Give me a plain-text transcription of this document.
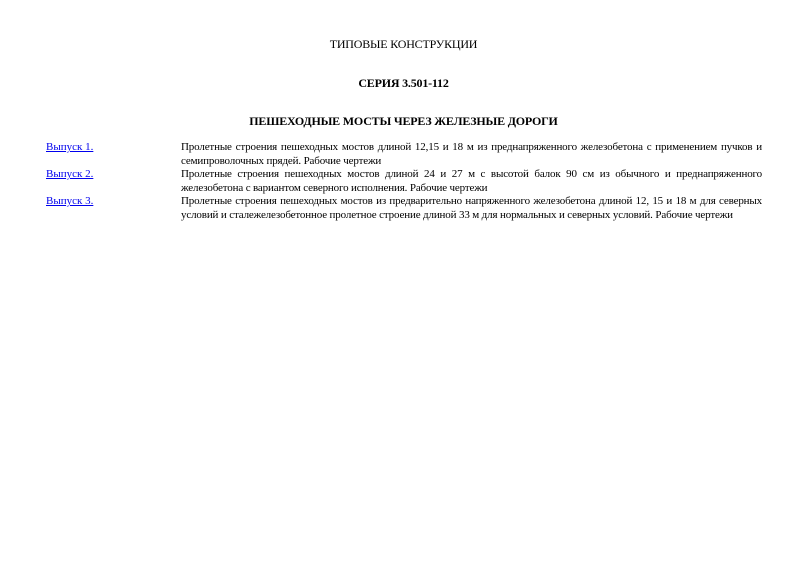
ТИПОВЫЕ КОНСТРУКЦИИ
СЕРИЯ 3.501-112
ПЕШЕХОДНЫЕ МОСТЫ ЧЕРЕЗ ЖЕЛЕЗНЫЕ ДОРОГИ
Выпуск 1.	Пролетные строения пешеходных мостов длиной 12,15 и 18 м из преднапряженного железобетона с применением пучков и семипроволочных прядей. Рабочие чертежи
Выпуск 2.	Пролетные строения пешеходных мостов длиной 24 и 27 м с высотой балок 90 см из обычного и преднапряженного железобетона с вариантом северного исполнения. Рабочие чертежи
Выпуск 3.	Пролетные строения пешеходных мостов из предварительно напряженного железобетона длиной 12, 15 и 18 м для северных условий и сталежелезобетонное пролетное строение длиной 33 м для нормальных и северных условий. Рабочие чертежи
